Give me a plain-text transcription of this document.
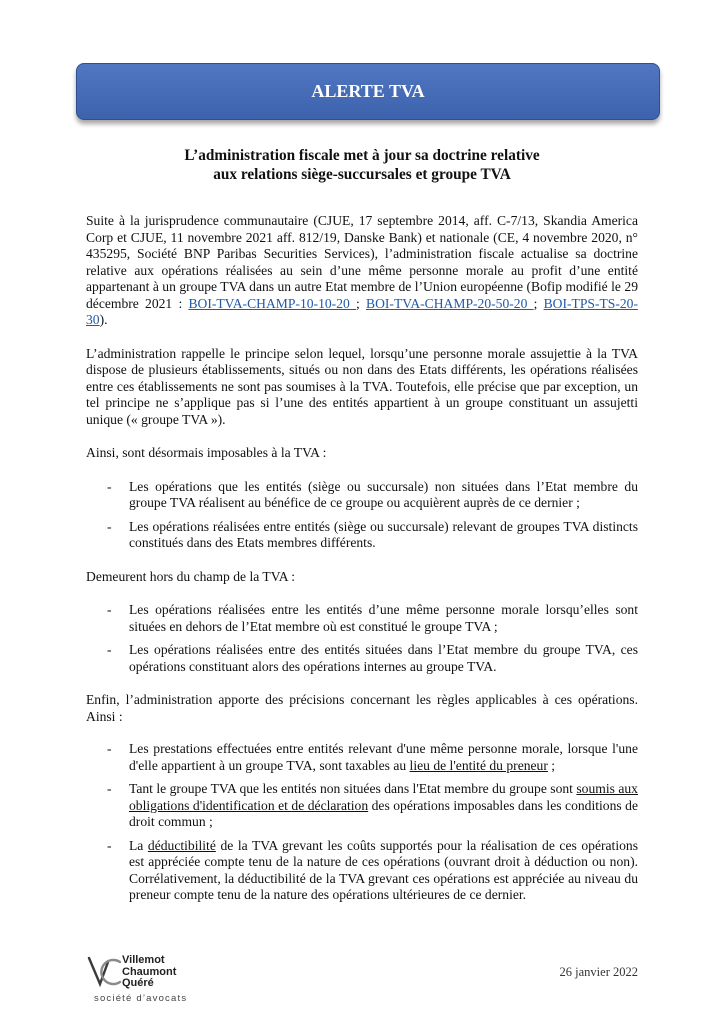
ALERTE TVA
L’administration fiscale met à jour sa doctrine relative
aux relations siège-succursales et groupe TVA

Suite à la jurisprudence communautaire (CJUE, 17 septembre 2014, aff. C-7/13, Skandia America Corp et CJUE, 11 novembre 2021 aff. 812/19, Danske Bank) et nationale (CE, 4 novembre 2020, n° 435295, Société BNP Paribas Securities Services), l’administration fiscale actualise sa doctrine relative aux opérations réalisées au sein d’une même personne morale au profit d’une entité appartenant à un groupe TVA dans un autre Etat membre de l’Union européenne (Bofip modifié le 29 décembre 2021 : BOI-TVA-CHAMP-10-10-20 ; BOI-TVA-CHAMP-20-50-20 ; BOI-TPS-TS-20-30).

L’administration rappelle le principe selon lequel, lorsqu’une personne morale assujettie à la TVA dispose de plusieurs établissements, situés ou non dans des Etats différents, les opérations réalisées entre ces établissements ne sont pas soumises à la TVA. Toutefois, elle précise que par exception, un tel principe ne s’applique pas si l’une des entités appartient à un groupe constituant un assujetti unique (« groupe TVA »).

Ainsi, sont désormais imposables à la TVA :

- Les opérations que les entités (siège ou succursale) non situées dans l’Etat membre du groupe TVA réalisent au bénéfice de ce groupe ou acquièrent auprès de ce dernier ;
- Les opérations réalisées entre entités (siège ou succursale) relevant de groupes TVA distincts constitués dans des Etats membres différents.

Demeurent hors du champ de la TVA :

- Les opérations réalisées entre les entités d’une même personne morale lorsqu’elles sont situées en dehors de l’Etat membre où est constitué le groupe TVA ;
- Les opérations réalisées entre des entités situées dans l’Etat membre du groupe TVA, ces opérations constituant alors des opérations internes au groupe TVA.

Enfin, l’administration apporte des précisions concernant les règles applicables à ces opérations. Ainsi :

- Les prestations effectuées entre entités relevant d'une même personne morale, lorsque l'une d'elle appartient à un groupe TVA, sont taxables au lieu de l'entité du preneur ;
- Tant le groupe TVA que les entités non situées dans l'Etat membre du groupe sont soumis aux obligations d'identification et de déclaration des opérations imposables dans les conditions de droit commun ;
- La déductibilité de la TVA grevant les coûts supportés pour la réalisation de ces opérations est appréciée compte tenu de la nature de ces opérations (ouvrant droit à déduction ou non). Corrélativement, la déductibilité de la TVA grevant ces opérations est appréciée au niveau du preneur compte tenu de la nature des opérations ultérieures de ce dernier.
Villemot
Chaumont
Quéré
société d’avocats
26 janvier 2022
